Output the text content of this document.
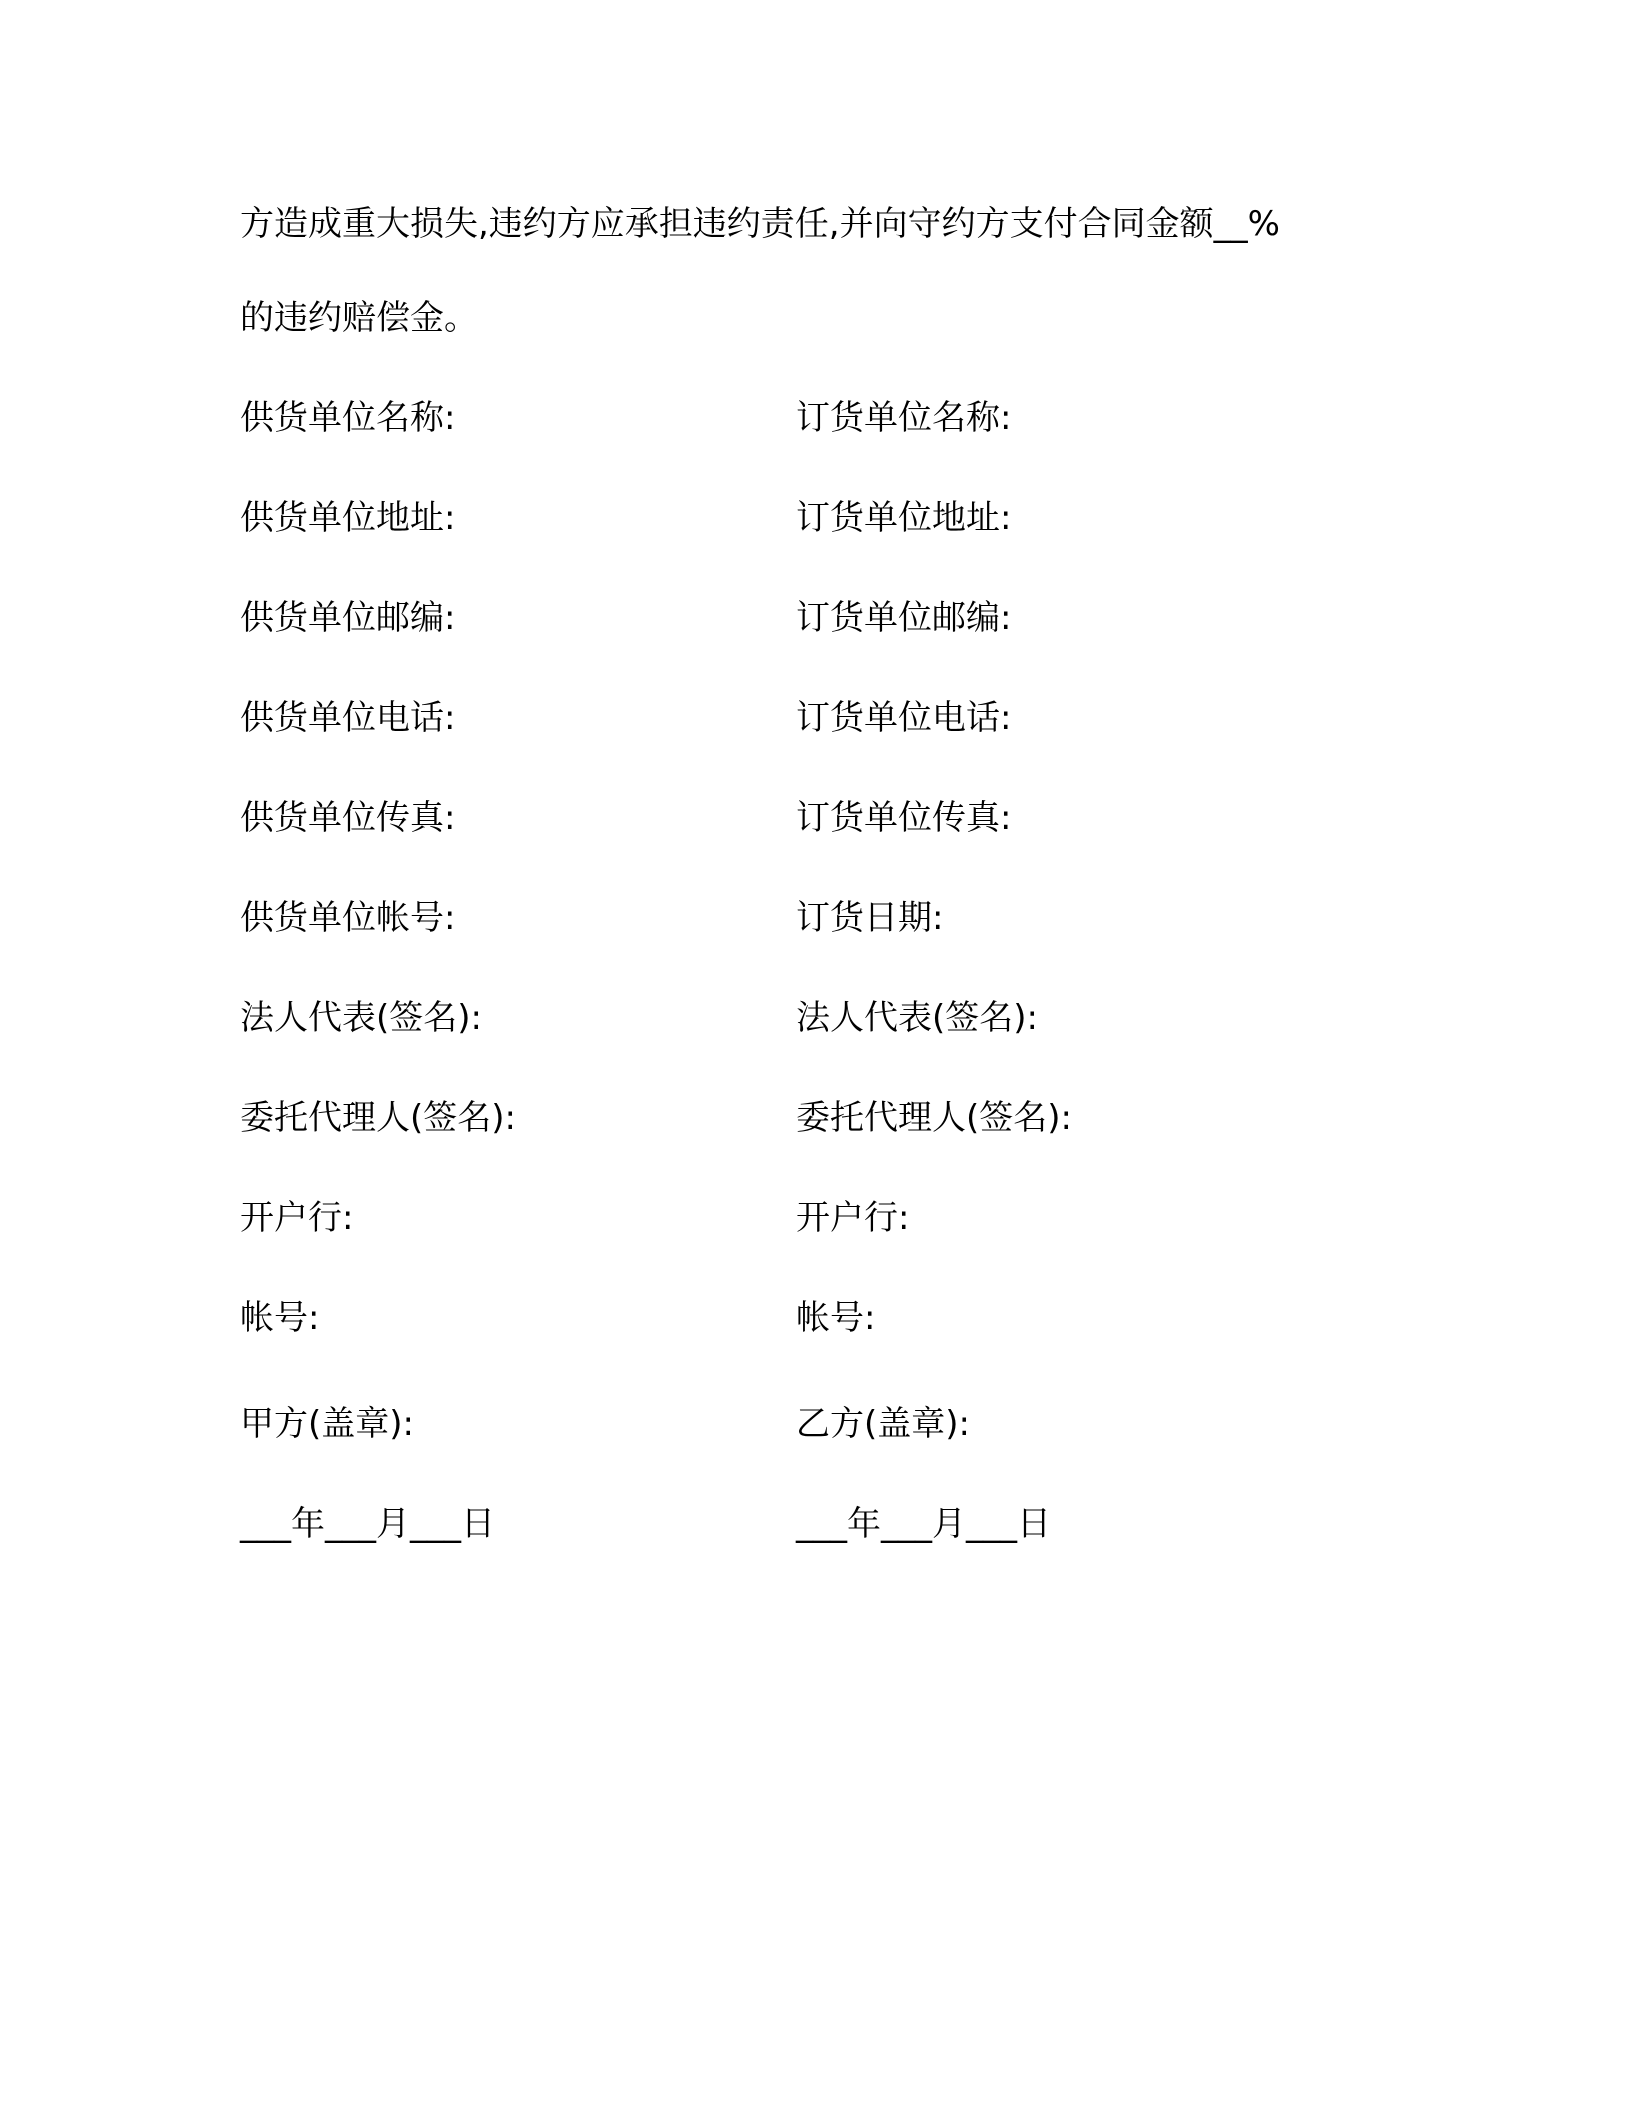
方造成重大损失,违约方应承担违约责任,并向守约方支付合同金额__%
的违约赔偿金。
供货单位名称:	订货单位名称:
供货单位地址:	订货单位地址:
供货单位邮编:	订货单位邮编:
供货单位电话:	订货单位电话:
供货单位传真:	订货单位传真:
供货单位帐号:	订货日期:
法人代表(签名):	法人代表(签名):
委托代理人(签名):	委托代理人(签名):
开户行:	开户行:
帐号:	帐号:
甲方(盖章):	乙方(盖章):
___年___月___日	___年___月___日
